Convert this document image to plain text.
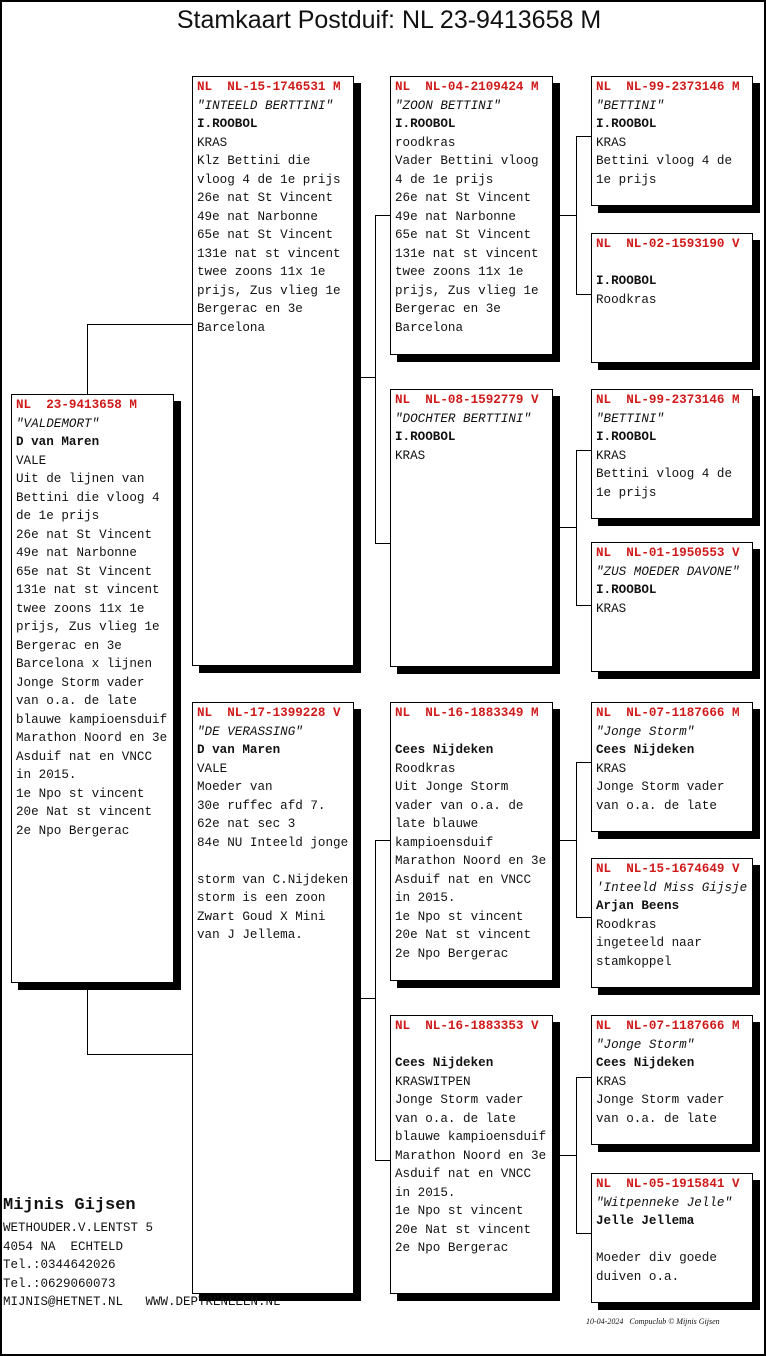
Stamkaart Postduif: NL 23-9413658 M
NL  23-9413658 M
"VALDEMORT"
D van Maren
VALE
Uit de lijnen van
Bettini die vloog 4
de 1e prijs
26e nat St Vincent
49e nat Narbonne
65e nat St Vincent
131e nat st vincent
twee zoons 11x 1e
prijs, Zus vlieg 1e
Bergerac en 3e
Barcelona x lijnen
Jonge Storm vader
van o.a. de late
blauwe kampioensduif
Marathon Noord en 3e
Asduif nat en VNCC
in 2015.
1e Npo st vincent
20e Nat st vincent
2e Npo Bergerac
NL  NL-15-1746531 M
"INTEELD BERTTINI"
I.ROOBOL
KRAS
Klz Bettini die
vloog 4 de 1e prijs
26e nat St Vincent
49e nat Narbonne
65e nat St Vincent
131e nat st vincent
twee zoons 11x 1e
prijs, Zus vlieg 1e
Bergerac en 3e
Barcelona
NL  NL-17-1399228 V
"DE VERASSING"
D van Maren
VALE
Moeder van
30e ruffec afd 7.
62e nat sec 3
84e NU Inteeld jonge
storm van C.Nijdeken
storm is een zoon
Zwart Goud X Mini
van J Jellema.
NL  NL-04-2109424 M
"ZOON BETTINI"
I.ROOBOL
roodkras
Vader Bettini vloog
4 de 1e prijs
26e nat St Vincent
49e nat Narbonne
65e nat St Vincent
131e nat st vincent
twee zoons 11x 1e
prijs, Zus vlieg 1e
Bergerac en 3e
Barcelona
NL  NL-08-1592779 V
"DOCHTER BERTTINI"
I.ROOBOL
KRAS
NL  NL-16-1883349 M
Cees Nijdeken
Roodkras
Uit Jonge Storm
vader van o.a. de
late blauwe
kampioensduif
Marathon Noord en 3e
Asduif nat en VNCC
in 2015.
1e Npo st vincent
20e Nat st vincent
2e Npo Bergerac
NL  NL-16-1883353 V
Cees Nijdeken
KRASWITPEN
Jonge Storm vader
van o.a. de late
blauwe kampioensduif
Marathon Noord en 3e
Asduif nat en VNCC
in 2015.
1e Npo st vincent
20e Nat st vincent
2e Npo Bergerac
NL  NL-99-2373146 M
"BETTINI"
I.ROOBOL
KRAS
Bettini vloog 4 de
1e prijs
NL  NL-02-1593190 V
I.ROOBOL
Roodkras
NL  NL-99-2373146 M
"BETTINI"
I.ROOBOL
KRAS
Bettini vloog 4 de
1e prijs
NL  NL-01-1950553 V
"ZUS MOEDER DAVONE"
I.ROOBOL
KRAS
NL  NL-07-1187666 M
"Jonge Storm"
Cees Nijdeken
KRAS
Jonge Storm vader
van o.a. de late
NL  NL-15-1674649 V
'Inteeld Miss Gijsje
Arjan Beens
Roodkras
ingeteeld naar
stamkoppel
NL  NL-07-1187666 M
"Jonge Storm"
Cees Nijdeken
KRAS
Jonge Storm vader
van o.a. de late
NL  NL-05-1915841 V
"Witpenneke Jelle"
Jelle Jellema
Moeder div goede
duiven o.a.
Mijnis Gijsen
WETHOUDER.V.LENTST 5
4054 NA  ECHTELD
Tel.:0344642026
Tel.:0629060073
MIJNIS@HETNET.NL   WWW.DEPYRENEEEN.NL
10-04-2024   Compuclub © Mijnis Gijsen
